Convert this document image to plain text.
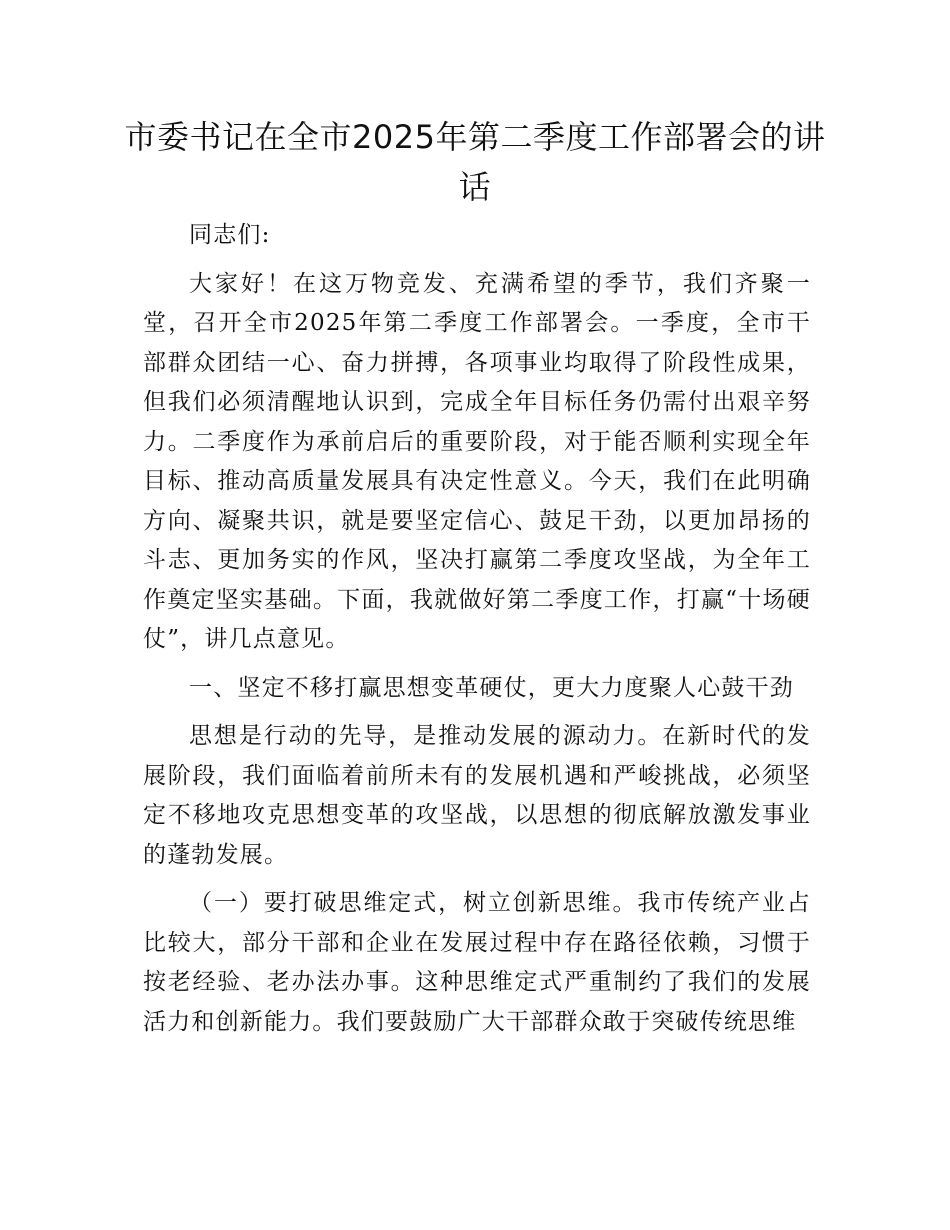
市委书记在全市2025年第二季度工作部署会的讲话

同志们:

大家好！在这万物竞发、充满希望的季节，我们齐聚一堂，召开全市2025年第二季度工作部署会。一季度，全市干部群众团结一心、奋力拼搏，各项事业均取得了阶段性成果，但我们必须清醒地认识到，完成全年目标任务仍需付出艰辛努力。二季度作为承前启后的重要阶段，对于能否顺利实现全年目标、推动高质量发展具有决定性意义。今天，我们在此明确方向、凝聚共识，就是要坚定信心、鼓足干劲，以更加昂扬的斗志、更加务实的作风，坚决打赢第二季度攻坚战，为全年工作奠定坚实基础。下面，我就做好第二季度工作，打赢“十场硬仗”，讲几点意见。

一、坚定不移打赢思想变革硬仗，更大力度聚人心鼓干劲

思想是行动的先导，是推动发展的源动力。在新时代的发展阶段，我们面临着前所未有的发展机遇和严峻挑战，必须坚定不移地攻克思想变革的攻坚战，以思想的彻底解放激发事业的蓬勃发展。

（一）要打破思维定式，树立创新思维。我市传统产业占比较大，部分干部和企业在发展过程中存在路径依赖，习惯于按老经验、老办法办事。这种思维定式严重制约了我们的发展活力和创新能力。我们要鼓励广大干部群众敢于突破传统思维
